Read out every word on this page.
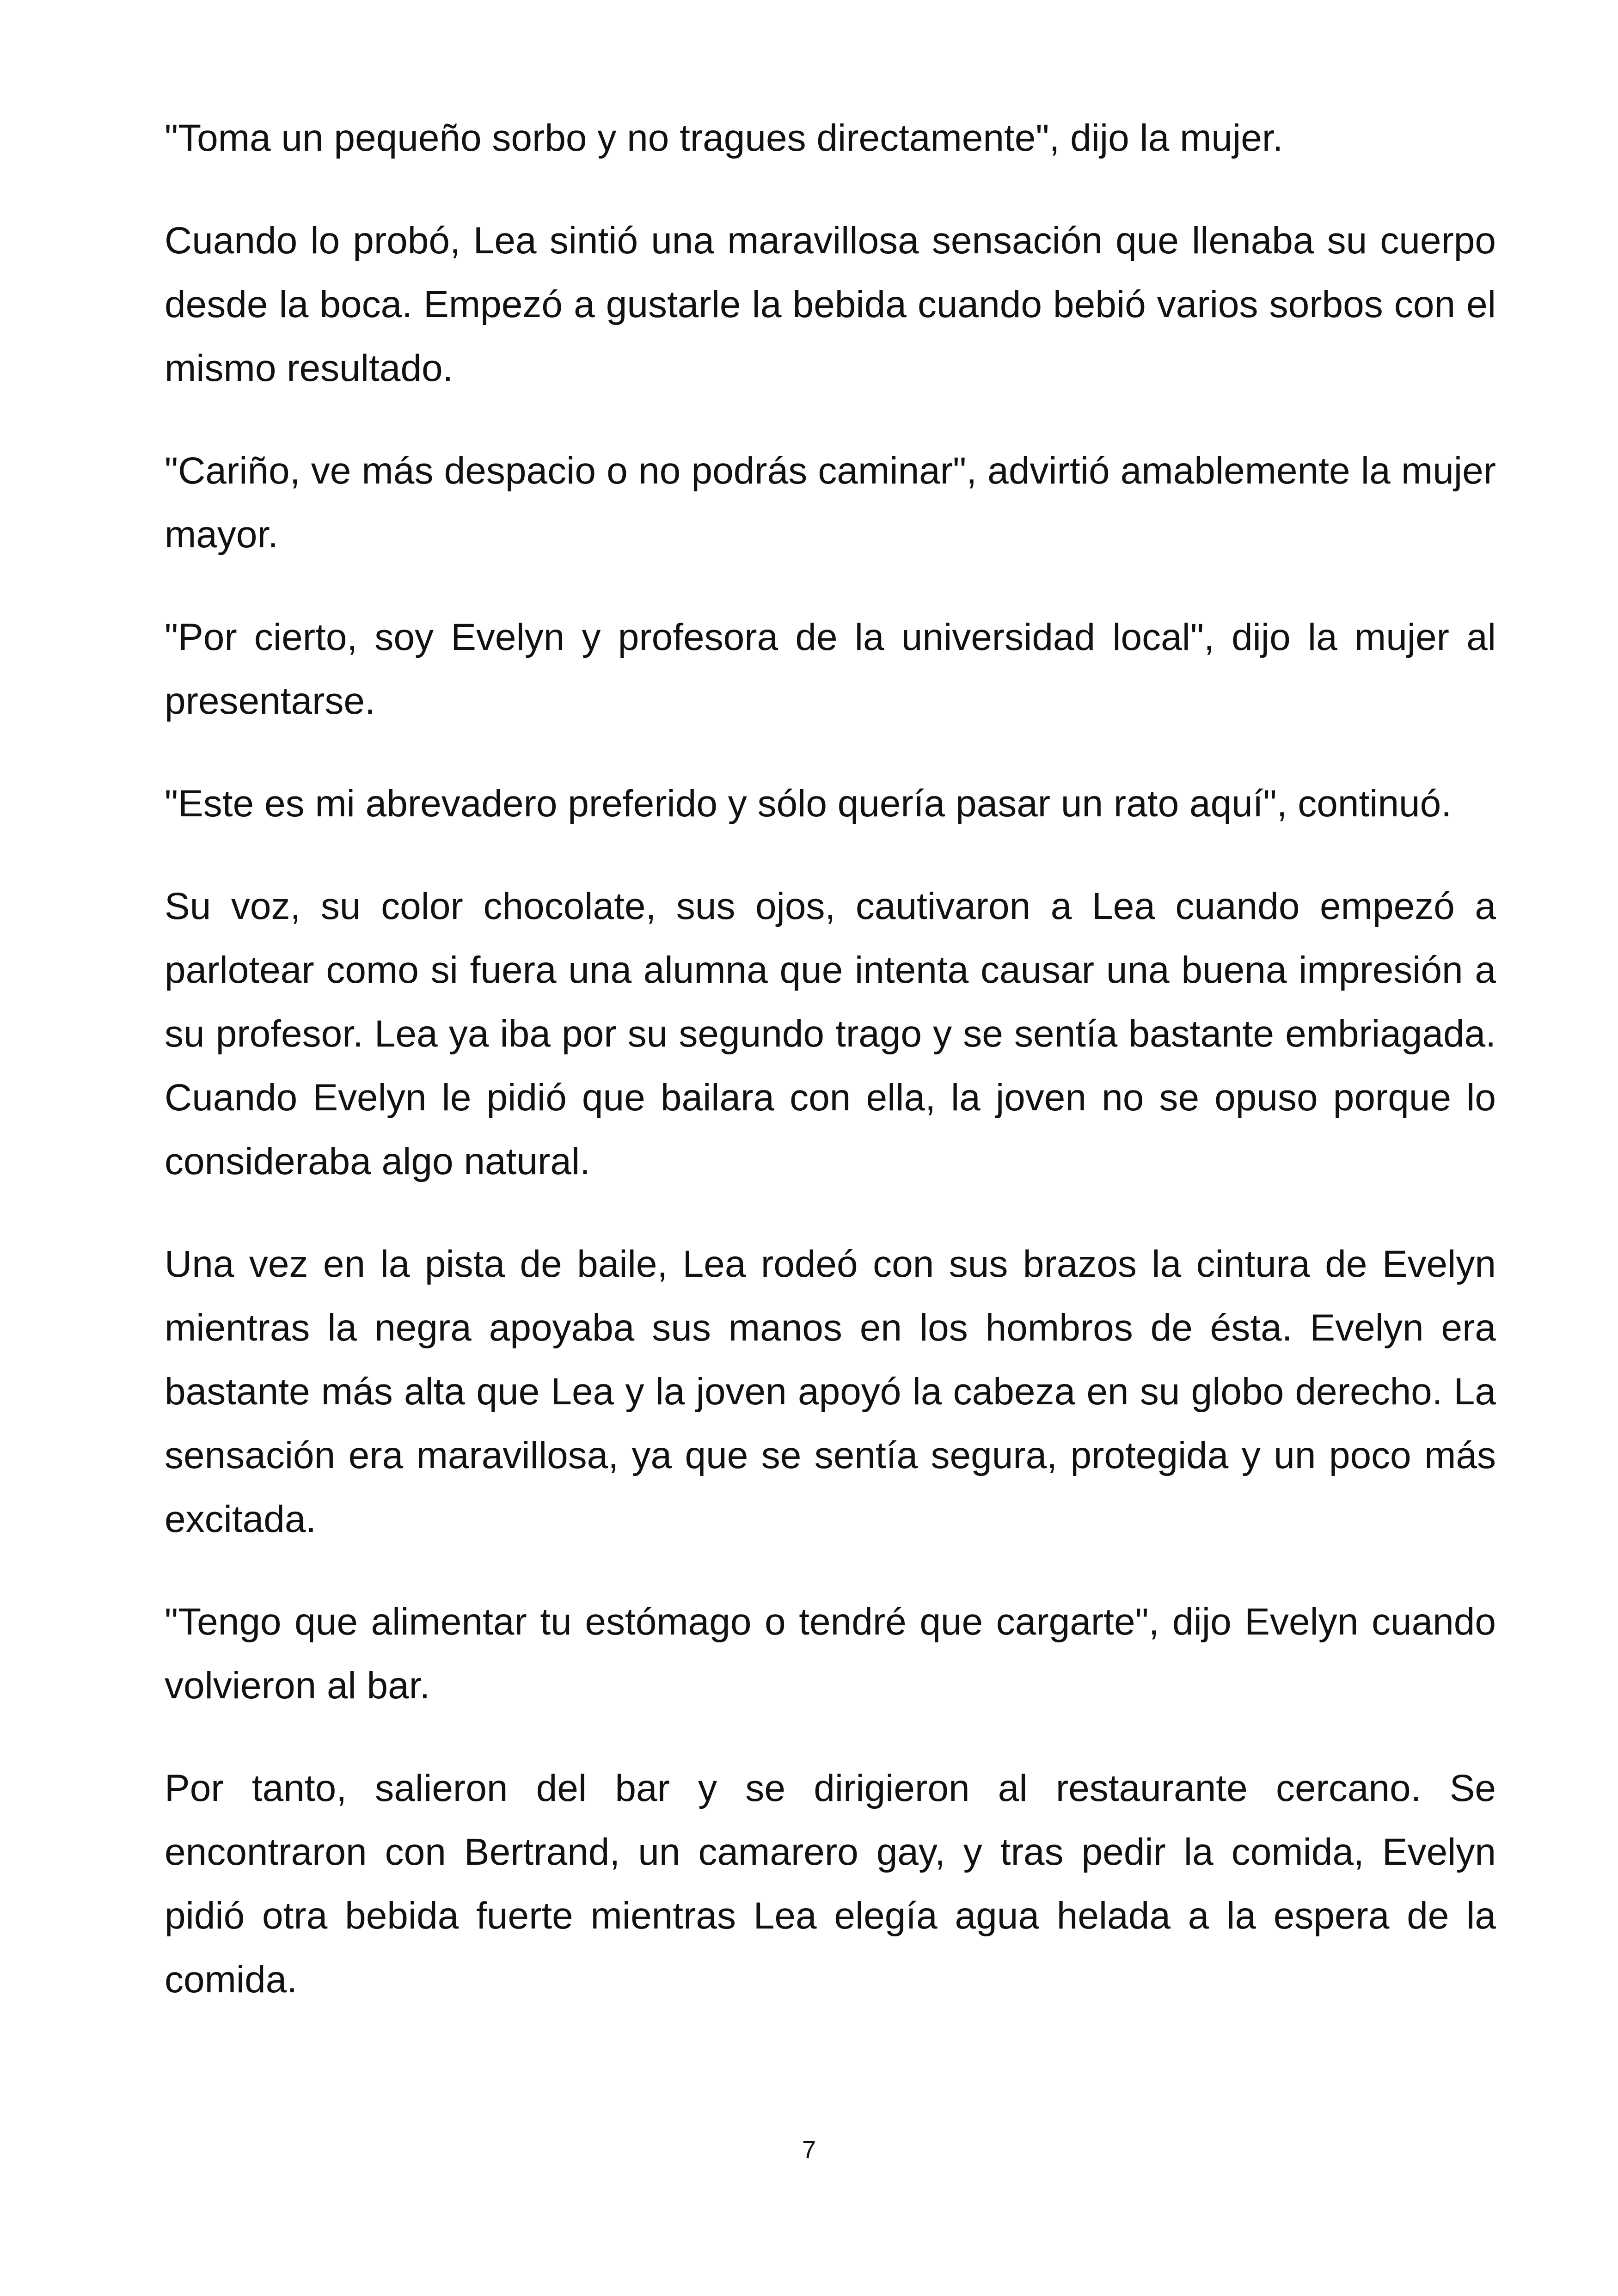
"Toma un pequeño sorbo y no tragues directamente", dijo la mujer.

Cuando lo probó, Lea sintió una maravillosa sensación que llenaba su cuerpo desde la boca. Empezó a gustarle la bebida cuando bebió varios sorbos con el mismo resultado.

"Cariño, ve más despacio o no podrás caminar", advirtió amablemente la mujer mayor.

"Por cierto, soy Evelyn y profesora de la universidad local", dijo la mujer al presentarse.

"Este es mi abrevadero preferido y sólo quería pasar un rato aquí", continuó.

Su voz, su color chocolate, sus ojos, cautivaron a Lea cuando empezó a parlotear como si fuera una alumna que intenta causar una buena impresión a su profesor. Lea ya iba por su segundo trago y se sentía bastante embriagada. Cuando Evelyn le pidió que bailara con ella, la joven no se opuso porque lo consideraba algo natural.

Una vez en la pista de baile, Lea rodeó con sus brazos la cintura de Evelyn mientras la negra apoyaba sus manos en los hombros de ésta. Evelyn era bastante más alta que Lea y la joven apoyó la cabeza en su globo derecho. La sensación era maravillosa, ya que se sentía segura, protegida y un poco más excitada.

"Tengo que alimentar tu estómago o tendré que cargarte", dijo Evelyn cuando volvieron al bar.

Por tanto, salieron del bar y se dirigieron al restaurante cercano. Se encontraron con Bertrand, un camarero gay, y tras pedir la comida, Evelyn pidió otra bebida fuerte mientras Lea elegía agua helada a la espera de la comida.

7
